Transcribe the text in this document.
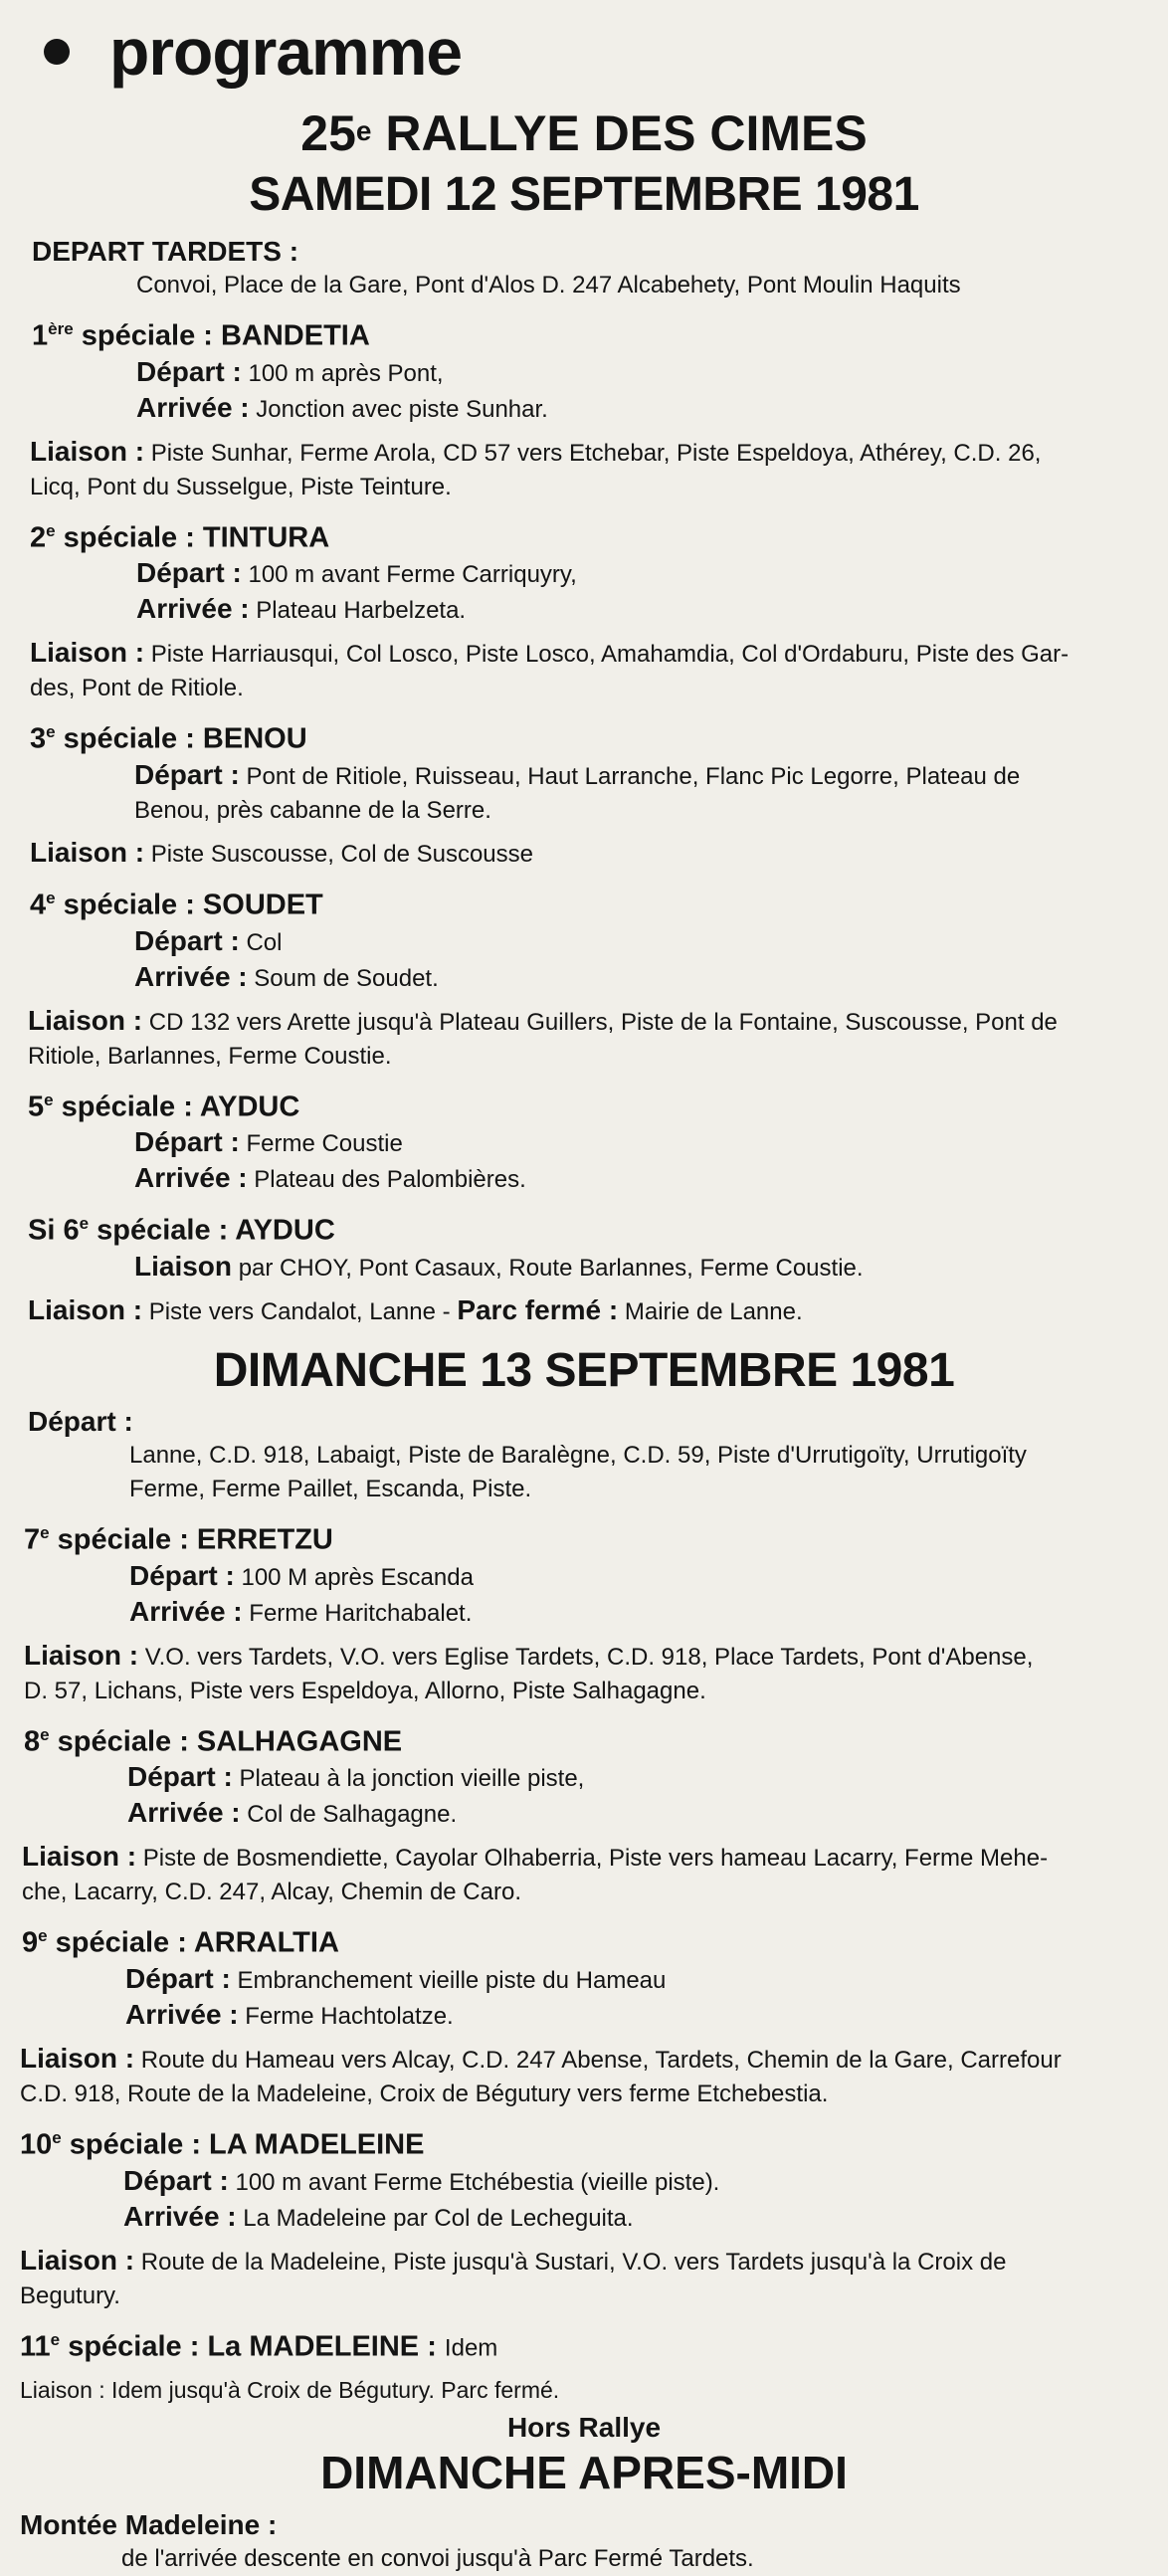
programme
25e RALLYE DES CIMES
SAMEDI 12 SEPTEMBRE 1981
DEPART TARDETS :
Convoi, Place de la Gare, Pont d'Alos D. 247 Alcabehety, Pont Moulin Haquits
1ère spéciale : BANDETIA
Départ : 100 m après Pont,
Arrivée : Jonction avec piste Sunhar.
Liaison : Piste Sunhar, Ferme Arola, CD 57 vers Etchebar, Piste Espeldoya, Athérey, C.D. 26,
Licq, Pont du Susselgue, Piste Teinture.
2e spéciale : TINTURA
Départ : 100 m avant Ferme Carriquyry,
Arrivée : Plateau Harbelzeta.
Liaison : Piste Harriausqui, Col Losco, Piste Losco, Amahamdia, Col d'Ordaburu, Piste des Gar-
des, Pont de Ritiole.
3e spéciale : BENOU
Départ : Pont de Ritiole, Ruisseau, Haut Larranche, Flanc Pic Legorre, Plateau de
Benou, près cabanne de la Serre.
Liaison : Piste Suscousse, Col de Suscousse
4e spéciale : SOUDET
Départ : Col
Arrivée : Soum de Soudet.
Liaison : CD 132 vers Arette jusqu'à Plateau Guillers, Piste de la Fontaine, Suscousse, Pont de
Ritiole, Barlannes, Ferme Coustie.
5e spéciale : AYDUC
Départ : Ferme Coustie
Arrivée : Plateau des Palombières.
Si 6e spéciale : AYDUC
Liaison par CHOY, Pont Casaux, Route Barlannes, Ferme Coustie.
Liaison : Piste vers Candalot, Lanne - Parc fermé : Mairie de Lanne.
DIMANCHE 13 SEPTEMBRE 1981
Départ :
Lanne, C.D. 918, Labaigt, Piste de Baralègne, C.D. 59, Piste d'Urrutigoïty, Urrutigoïty
Ferme, Ferme Paillet, Escanda, Piste.
7e spéciale : ERRETZU
Départ : 100 M après Escanda
Arrivée : Ferme Haritchabalet.
Liaison : V.O. vers Tardets, V.O. vers Eglise Tardets, C.D. 918, Place Tardets, Pont d'Abense,
D. 57, Lichans, Piste vers Espeldoya, Allorno, Piste Salhagagne.
8e spéciale : SALHAGAGNE
Départ : Plateau à la jonction vieille piste,
Arrivée : Col de Salhagagne.
Liaison : Piste de Bosmendiette, Cayolar Olhaberria, Piste vers hameau Lacarry, Ferme Mehe-
che, Lacarry, C.D. 247, Alcay, Chemin de Caro.
9e spéciale : ARRALTIA
Départ : Embranchement vieille piste du Hameau
Arrivée : Ferme Hachtolatze.
Liaison : Route du Hameau vers Alcay, C.D. 247 Abense, Tardets, Chemin de la Gare, Carrefour
C.D. 918, Route de la Madeleine, Croix de Bégutury vers ferme Etchebestia.
10e spéciale : LA MADELEINE
Départ : 100 m avant Ferme Etchébestia (vieille piste).
Arrivée : La Madeleine par Col de Lecheguita.
Liaison : Route de la Madeleine, Piste jusqu'à Sustari, V.O. vers Tardets jusqu'à la Croix de
Begutury.
11e spéciale : La MADELEINE : Idem
Liaison : Idem jusqu'à Croix de Bégutury. Parc fermé.
Hors Rallye
DIMANCHE APRES-MIDI
Montée Madeleine :
de l'arrivée descente en convoi jusqu'à Parc Fermé Tardets.
